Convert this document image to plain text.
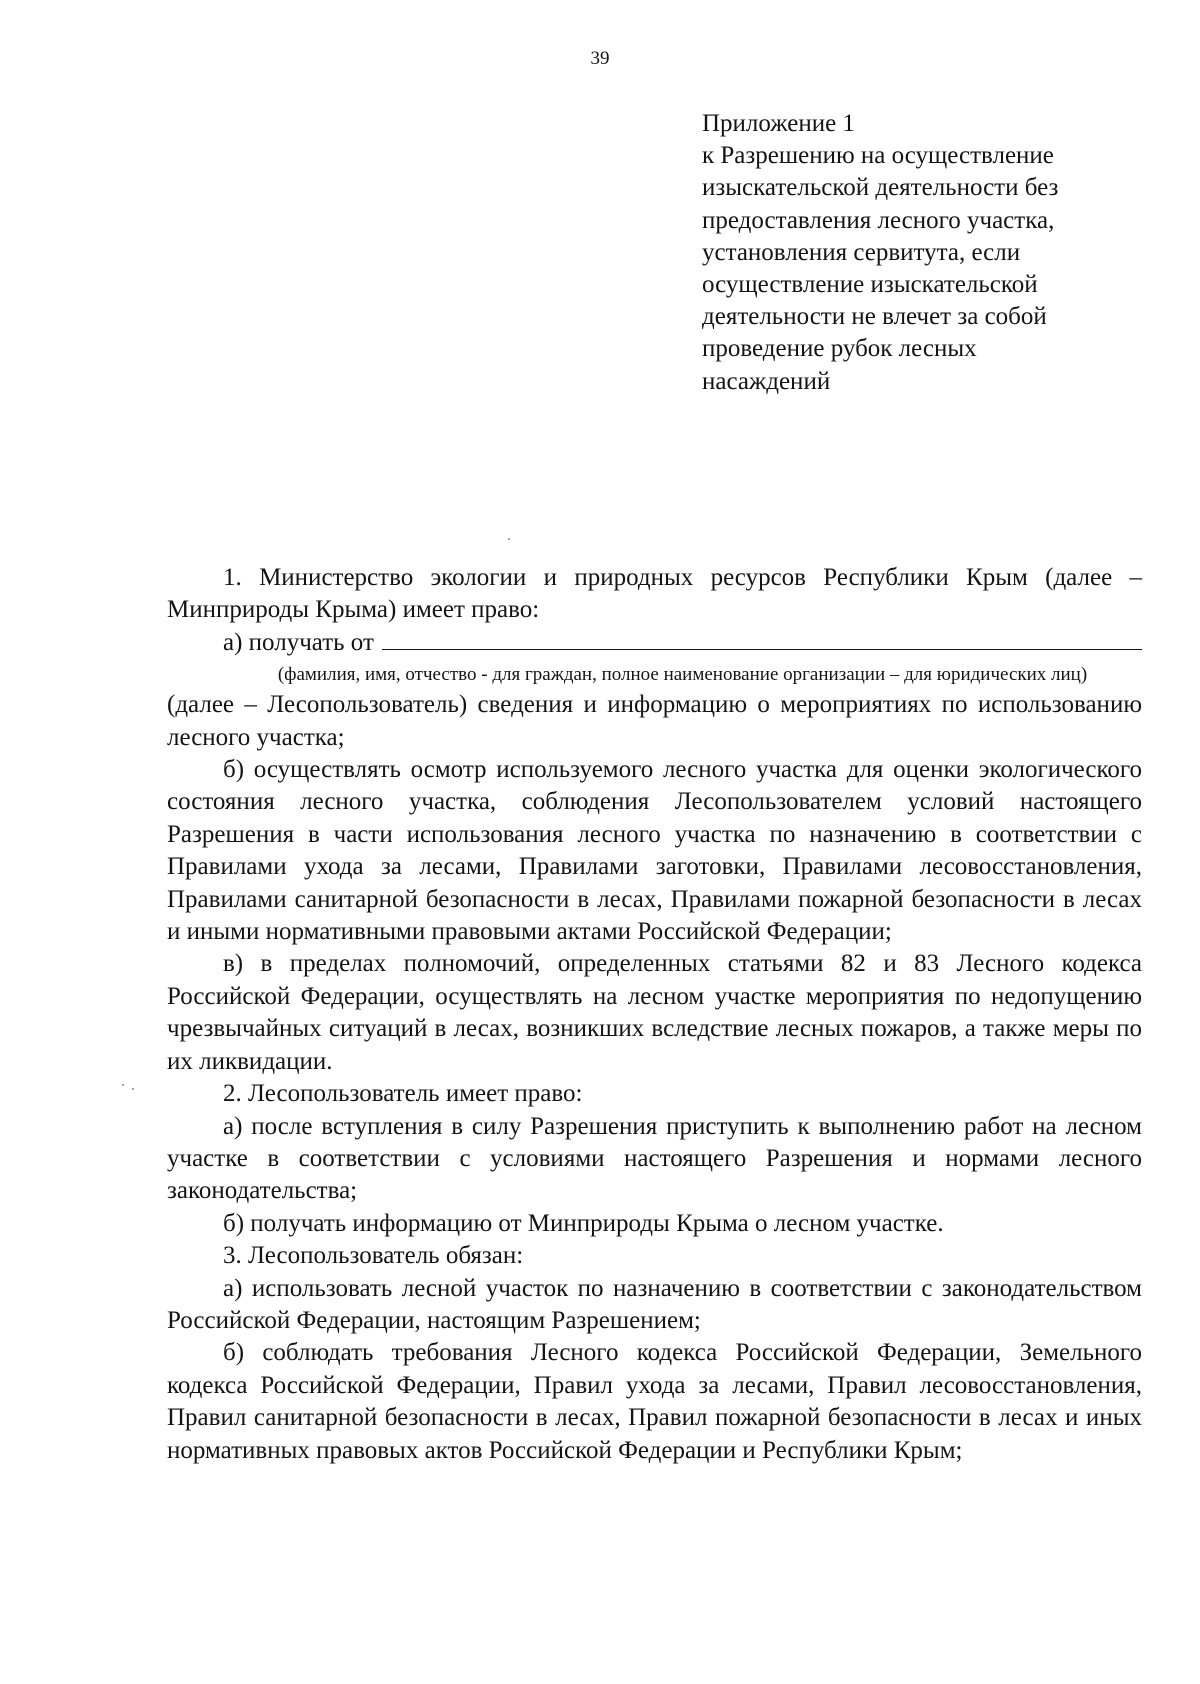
39
Приложение 1
к Разрешению на осуществление
изыскательской деятельности без
предоставления лесного участка,
установления сервитута, если
осуществление изыскательской
деятельности не влечет за собой
проведение рубок лесных
насаждений
1. Министерство экологии и природных ресурсов Республики Крым (далее – Минприроды Крыма) имеет право:
а) получать от
(фамилия, имя, отчество - для граждан, полное наименование организации – для юридических лиц)
(далее – Лесопользователь) сведения и информацию о мероприятиях по использованию лесного участка;
б) осуществлять осмотр используемого лесного участка для оценки экологического состояния лесного участка, соблюдения Лесопользователем условий настоящего Разрешения в части использования лесного участка по назначению в соответствии с Правилами ухода за лесами, Правилами заготовки, Правилами лесовосстановления, Правилами санитарной безопасности в лесах, Правилами пожарной безопасности в лесах и иными нормативными правовыми актами Российской Федерации;
в) в пределах полномочий, определенных статьями 82 и 83 Лесного кодекса Российской Федерации, осуществлять на лесном участке мероприятия по недопущению чрезвычайных ситуаций в лесах, возникших вследствие лесных пожаров, а также меры по их ликвидации.
2. Лесопользователь имеет право:
а) после вступления в силу Разрешения приступить к выполнению работ на лесном участке в соответствии с условиями настоящего Разрешения и нормами лесного законодательства;
б) получать информацию от Минприроды Крыма о лесном участке.
3. Лесопользователь обязан:
а) использовать лесной участок по назначению в соответствии с законодательством Российской Федерации, настоящим Разрешением;
б) соблюдать требования Лесного кодекса Российской Федерации, Земельного кодекса Российской Федерации, Правил ухода за лесами, Правил лесовосстановления, Правил санитарной безопасности в лесах, Правил пожарной безопасности в лесах и иных нормативных правовых актов Российской Федерации и Республики Крым;
